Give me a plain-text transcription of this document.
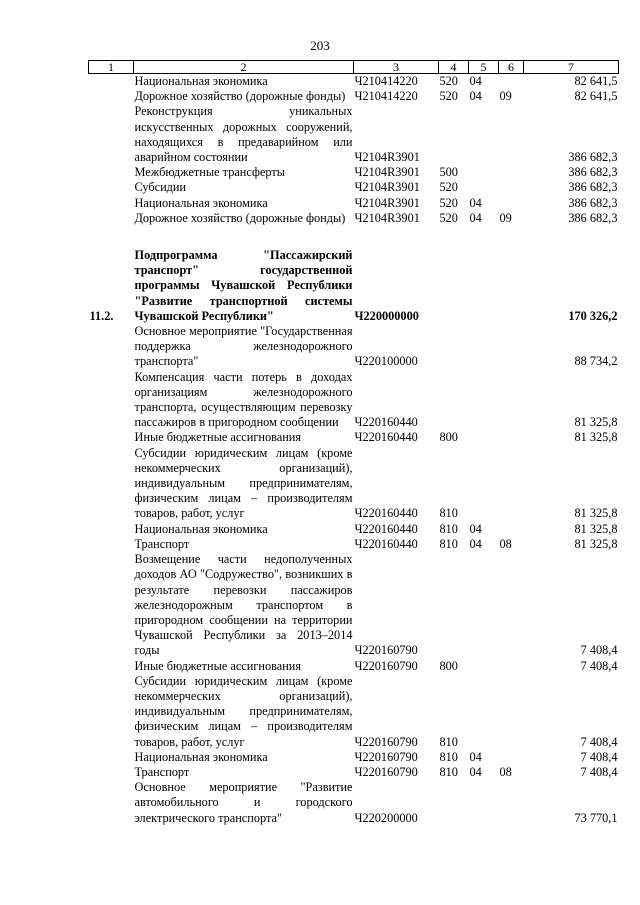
203
1	2	3	4	5	6	7
	Национальная экономика	Ч210414220	520	04		82 641,5
	Дорожное хозяйство (дорожные фонды)	Ч210414220	520	04	09	82 641,5
	Реконструкция уникальных искусственных дорожных сооружений, находящихся в предаварийном или аварийном состоянии	Ч2104R3901				386 682,3
	Межбюджетные трансферты	Ч2104R3901	500			386 682,3
	Субсидии	Ч2104R3901	520			386 682,3
	Национальная экономика	Ч2104R3901	520	04		386 682,3
	Дорожное хозяйство (дорожные фонды)	Ч2104R3901	520	04	09	386 682,3

11.2.	Подпрограмма "Пассажирский транспорт" государственной программы Чувашской Республики "Развитие транспортной системы Чувашской Республики"	Ч220000000				170 326,2
	Основное мероприятие "Государственная поддержка железнодорожного транспорта"	Ч220100000				88 734,2
	Компенсация части потерь в доходах организациям железнодорожного транспорта, осуществляющим перевозку пассажиров в пригородном сообщении	Ч220160440				81 325,8
	Иные бюджетные ассигнования	Ч220160440	800			81 325,8
	Субсидии юридическим лицам (кроме некоммерческих организаций), индивидуальным предпринимателям, физическим лицам – производителям товаров, работ, услуг	Ч220160440	810			81 325,8
	Национальная экономика	Ч220160440	810	04		81 325,8
	Транспорт	Ч220160440	810	04	08	81 325,8
	Возмещение части недополученных доходов АО "Содружество", возникших в результате перевозки пассажиров железнодорожным транспортом в пригородном сообщении на территории Чувашской Республики за 2013–2014 годы	Ч220160790				7 408,4
	Иные бюджетные ассигнования	Ч220160790	800			7 408,4
	Субсидии юридическим лицам (кроме некоммерческих организаций), индивидуальным предпринимателям, физическим лицам – производителям товаров, работ, услуг	Ч220160790	810			7 408,4
	Национальная экономика	Ч220160790	810	04		7 408,4
	Транспорт	Ч220160790	810	04	08	7 408,4
	Основное мероприятие "Развитие автомобильного и городского электрического транспорта"	Ч220200000				73 770,1
